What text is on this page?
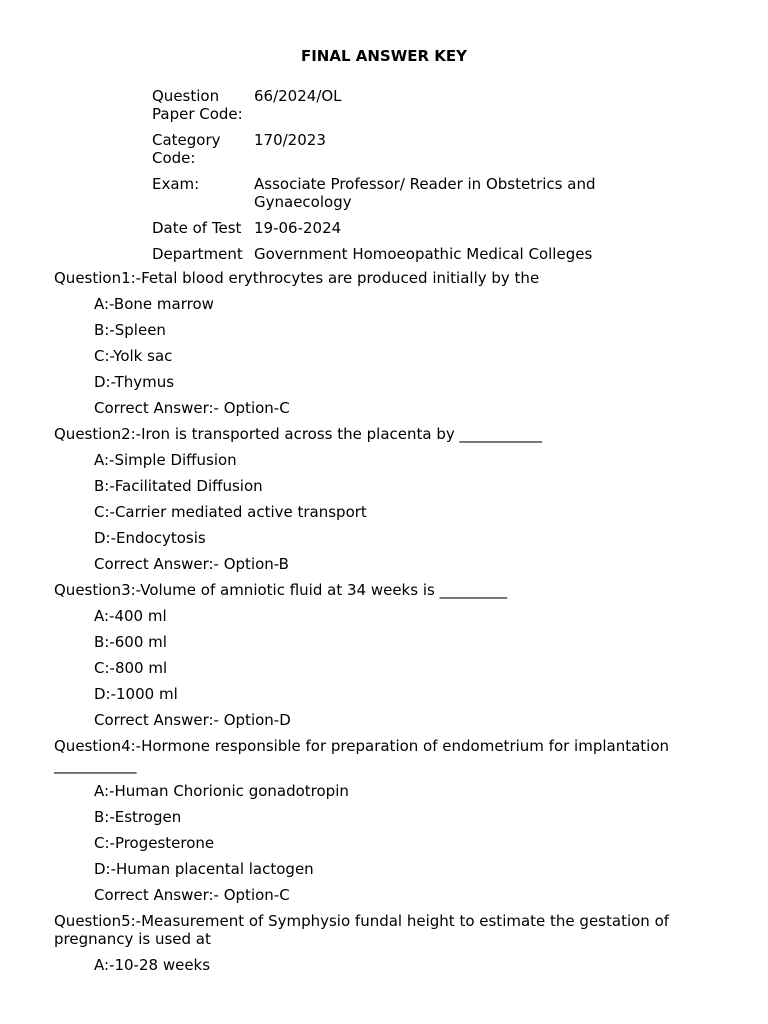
FINAL ANSWER KEY
Question Paper Code:	66/2024/OL
Category Code:	170/2023
Exam:	Associate Professor/ Reader in Obstetrics and Gynaecology
Date of Test	19-06-2024
Department	Government Homoeopathic Medical Colleges
Question1:-Fetal blood erythrocytes are produced initially by the
A:-Bone marrow
B:-Spleen
C:-Yolk sac
D:-Thymus
Correct Answer:- Option-C
Question2:-Iron is transported across the placenta by ___________
A:-Simple Diffusion
B:-Facilitated Diffusion
C:-Carrier mediated active transport
D:-Endocytosis
Correct Answer:- Option-B
Question3:-Volume of amniotic fluid at 34 weeks is _________
A:-400 ml
B:-600 ml
C:-800 ml
D:-1000 ml
Correct Answer:- Option-D
Question4:-Hormone responsible for preparation of endometrium for implantation ___________
A:-Human Chorionic gonadotropin
B:-Estrogen
C:-Progesterone
D:-Human placental lactogen
Correct Answer:- Option-C
Question5:-Measurement of Symphysio fundal height to estimate the gestation of pregnancy is used at
A:-10-28 weeks
